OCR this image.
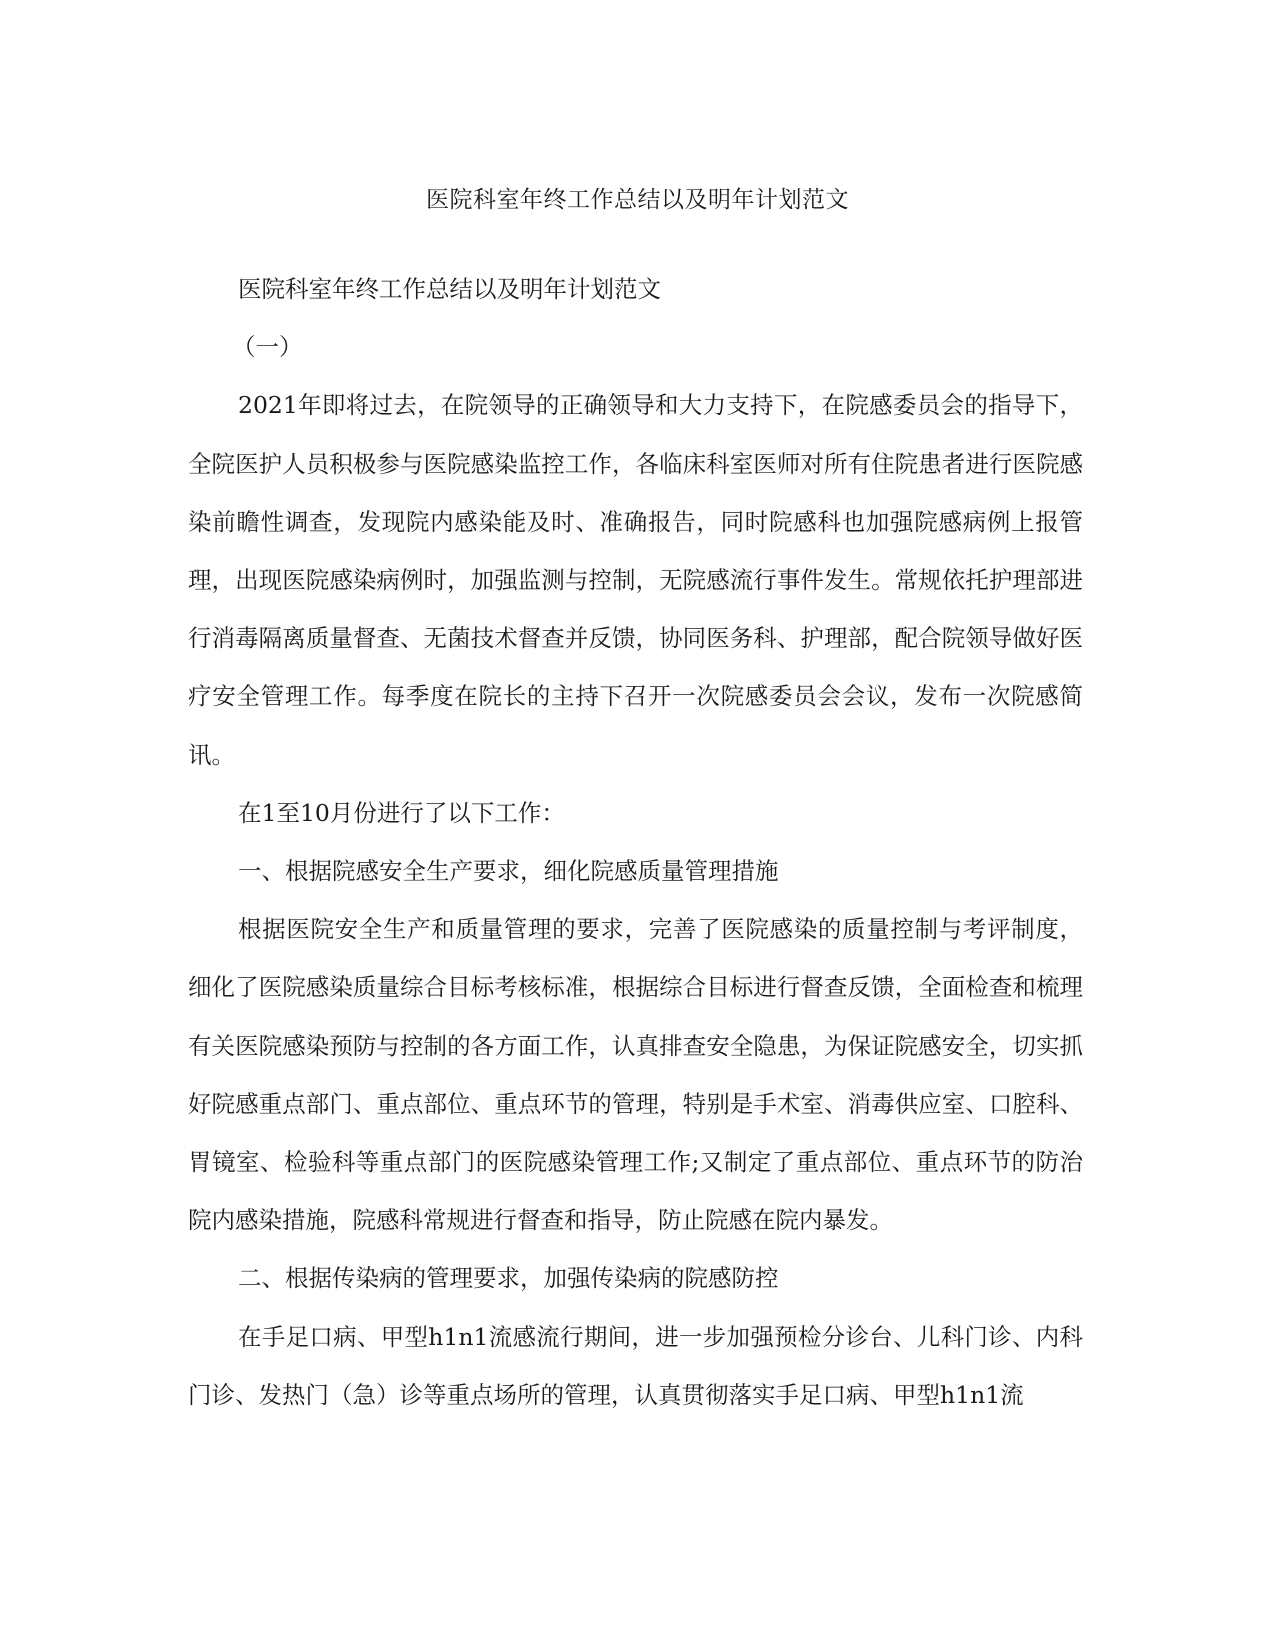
医院科室年终工作总结以及明年计划范文

医院科室年终工作总结以及明年计划范文

（一）

2021年即将过去，在院领导的正确领导和大力支持下，在院感委员会的指导下，全院医护人员积极参与医院感染监控工作，各临床科室医师对所有住院患者进行医院感染前瞻性调查，发现院内感染能及时、准确报告，同时院感科也加强院感病例上报管理，出现医院感染病例时，加强监测与控制，无院感流行事件发生。常规依托护理部进行消毒隔离质量督查、无菌技术督查并反馈，协同医务科、护理部，配合院领导做好医疗安全管理工作。每季度在院长的主持下召开一次院感委员会会议，发布一次院感简讯。

在1至10月份进行了以下工作：

一、根据院感安全生产要求，细化院感质量管理措施

根据医院安全生产和质量管理的要求，完善了医院感染的质量控制与考评制度，细化了医院感染质量综合目标考核标准，根据综合目标进行督查反馈，全面检查和梳理有关医院感染预防与控制的各方面工作，认真排查安全隐患，为保证院感安全，切实抓好院感重点部门、重点部位、重点环节的管理，特别是手术室、消毒供应室、口腔科、胃镜室、检验科等重点部门的医院感染管理工作;又制定了重点部位、重点环节的防治院内感染措施，院感科常规进行督查和指导，防止院感在院内暴发。

二、根据传染病的管理要求，加强传染病的院感防控

在手足口病、甲型h1n1流感流行期间，进一步加强预检分诊台、儿科门诊、内科门诊、发热门（急）诊等重点场所的管理，认真贯彻落实手足口病、甲型h1n1流
